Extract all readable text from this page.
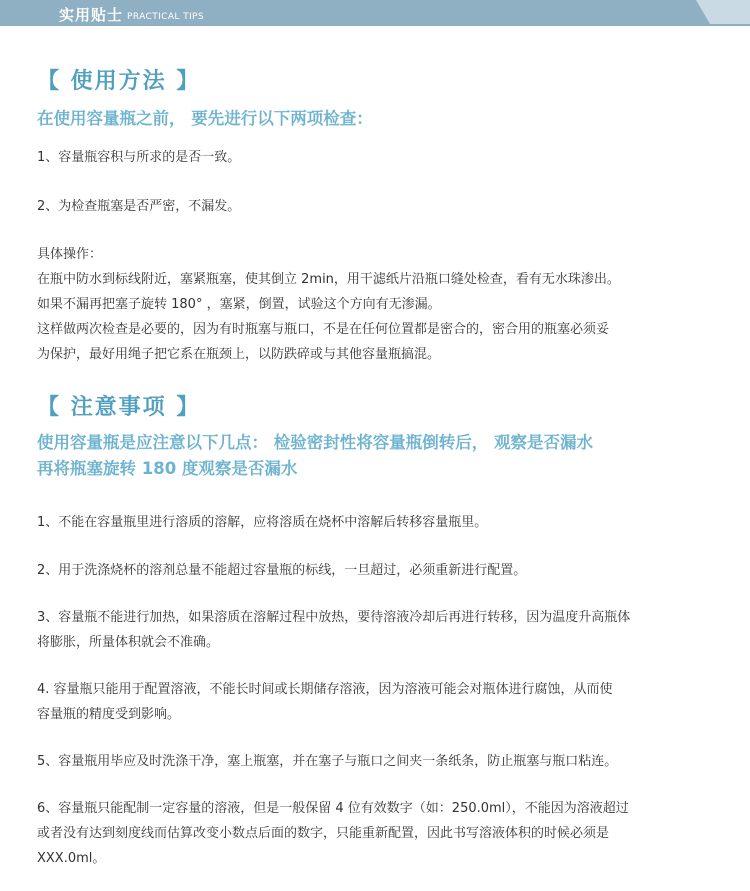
实用贴士 PRACTICAL TIPS
【 使用方法 】

在使用容量瓶之前， 要先进行以下两项检查：

1、容量瓶容积与所求的是否一致。

2、为检查瓶塞是否严密，不漏发。

具体操作：
在瓶中防水到标线附近，塞紧瓶塞，使其倒立 2min，用干滤纸片沿瓶口缝处检查，看有无水珠渗出。
如果不漏再把塞子旋转 180° ，塞紧，倒置，试验这个方向有无渗漏。
这样做两次检查是必要的，因为有时瓶塞与瓶口，不是在任何位置都是密合的，密合用的瓶塞必须妥
为保护，最好用绳子把它系在瓶颈上，以防跌碎或与其他容量瓶搞混。

【 注意事项 】

使用容量瓶是应注意以下几点： 检验密封性将容量瓶倒转后， 观察是否漏水
再将瓶塞旋转 180 度观察是否漏水

1、不能在容量瓶里进行溶质的溶解，应将溶质在烧杯中溶解后转移容量瓶里。

2、用于洗涤烧杯的溶剂总量不能超过容量瓶的标线，一旦超过，必须重新进行配置。

3、容量瓶不能进行加热，如果溶质在溶解过程中放热，要待溶液冷却后再进行转移，因为温度升高瓶体
将膨胀，所量体积就会不准确。

4. 容量瓶只能用于配置溶液，不能长时间或长期储存溶液，因为溶液可能会对瓶体进行腐蚀，从而使
容量瓶的精度受到影响。

5、容量瓶用毕应及时洗涤干净，塞上瓶塞，并在塞子与瓶口之间夹一条纸条，防止瓶塞与瓶口粘连。

6、容量瓶只能配制一定容量的溶液，但是一般保留 4 位有效数字（如：250.0ml），不能因为溶液超过
或者没有达到刻度线而估算改变小数点后面的数字，只能重新配置，因此书写溶液体积的时候必须是
XXX.0ml。
